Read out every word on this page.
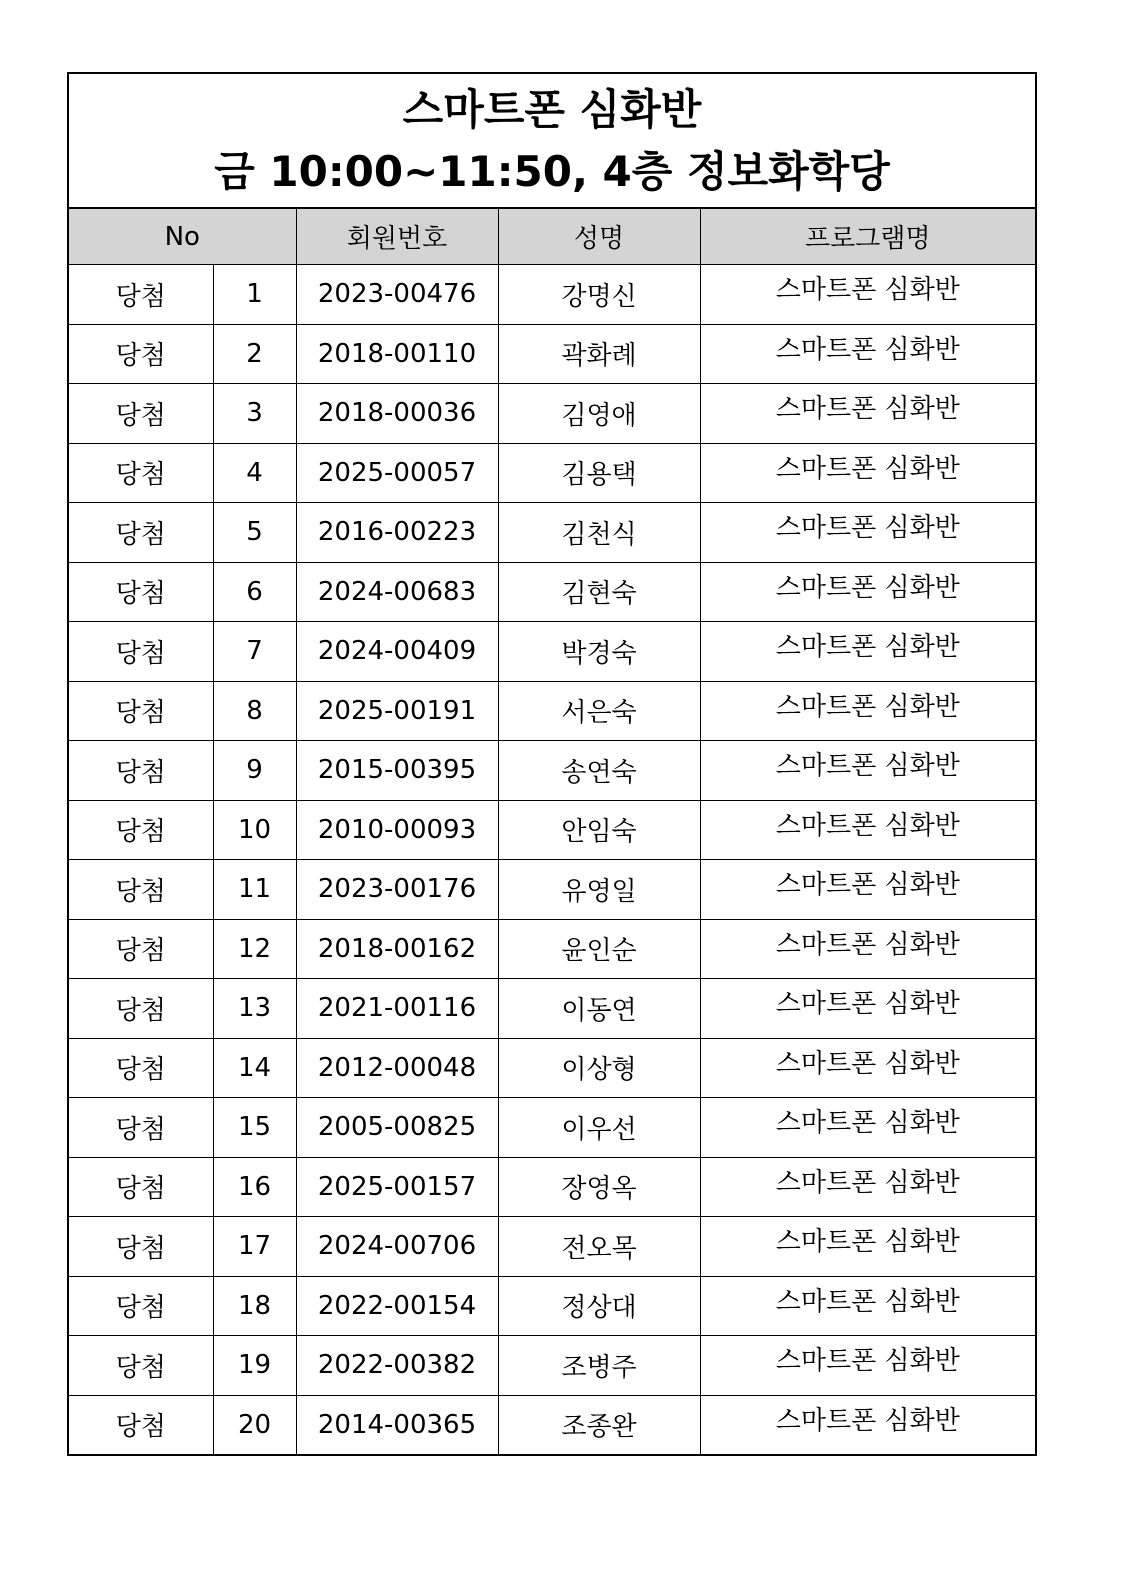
스마트폰 심화반
금 10:00~11:50, 4층 정보화학당
No		회원번호	성명	프로그램명
당첨	1	2023-00476	강명신	스마트폰 심화반
당첨	2	2018-00110	곽화례	스마트폰 심화반
당첨	3	2018-00036	김영애	스마트폰 심화반
당첨	4	2025-00057	김용택	스마트폰 심화반
당첨	5	2016-00223	김천식	스마트폰 심화반
당첨	6	2024-00683	김현숙	스마트폰 심화반
당첨	7	2024-00409	박경숙	스마트폰 심화반
당첨	8	2025-00191	서은숙	스마트폰 심화반
당첨	9	2015-00395	송연숙	스마트폰 심화반
당첨	10	2010-00093	안임숙	스마트폰 심화반
당첨	11	2023-00176	유영일	스마트폰 심화반
당첨	12	2018-00162	윤인순	스마트폰 심화반
당첨	13	2021-00116	이동연	스마트폰 심화반
당첨	14	2012-00048	이상형	스마트폰 심화반
당첨	15	2005-00825	이우선	스마트폰 심화반
당첨	16	2025-00157	장영옥	스마트폰 심화반
당첨	17	2024-00706	전오목	스마트폰 심화반
당첨	18	2022-00154	정상대	스마트폰 심화반
당첨	19	2022-00382	조병주	스마트폰 심화반
당첨	20	2014-00365	조종완	스마트폰 심화반
